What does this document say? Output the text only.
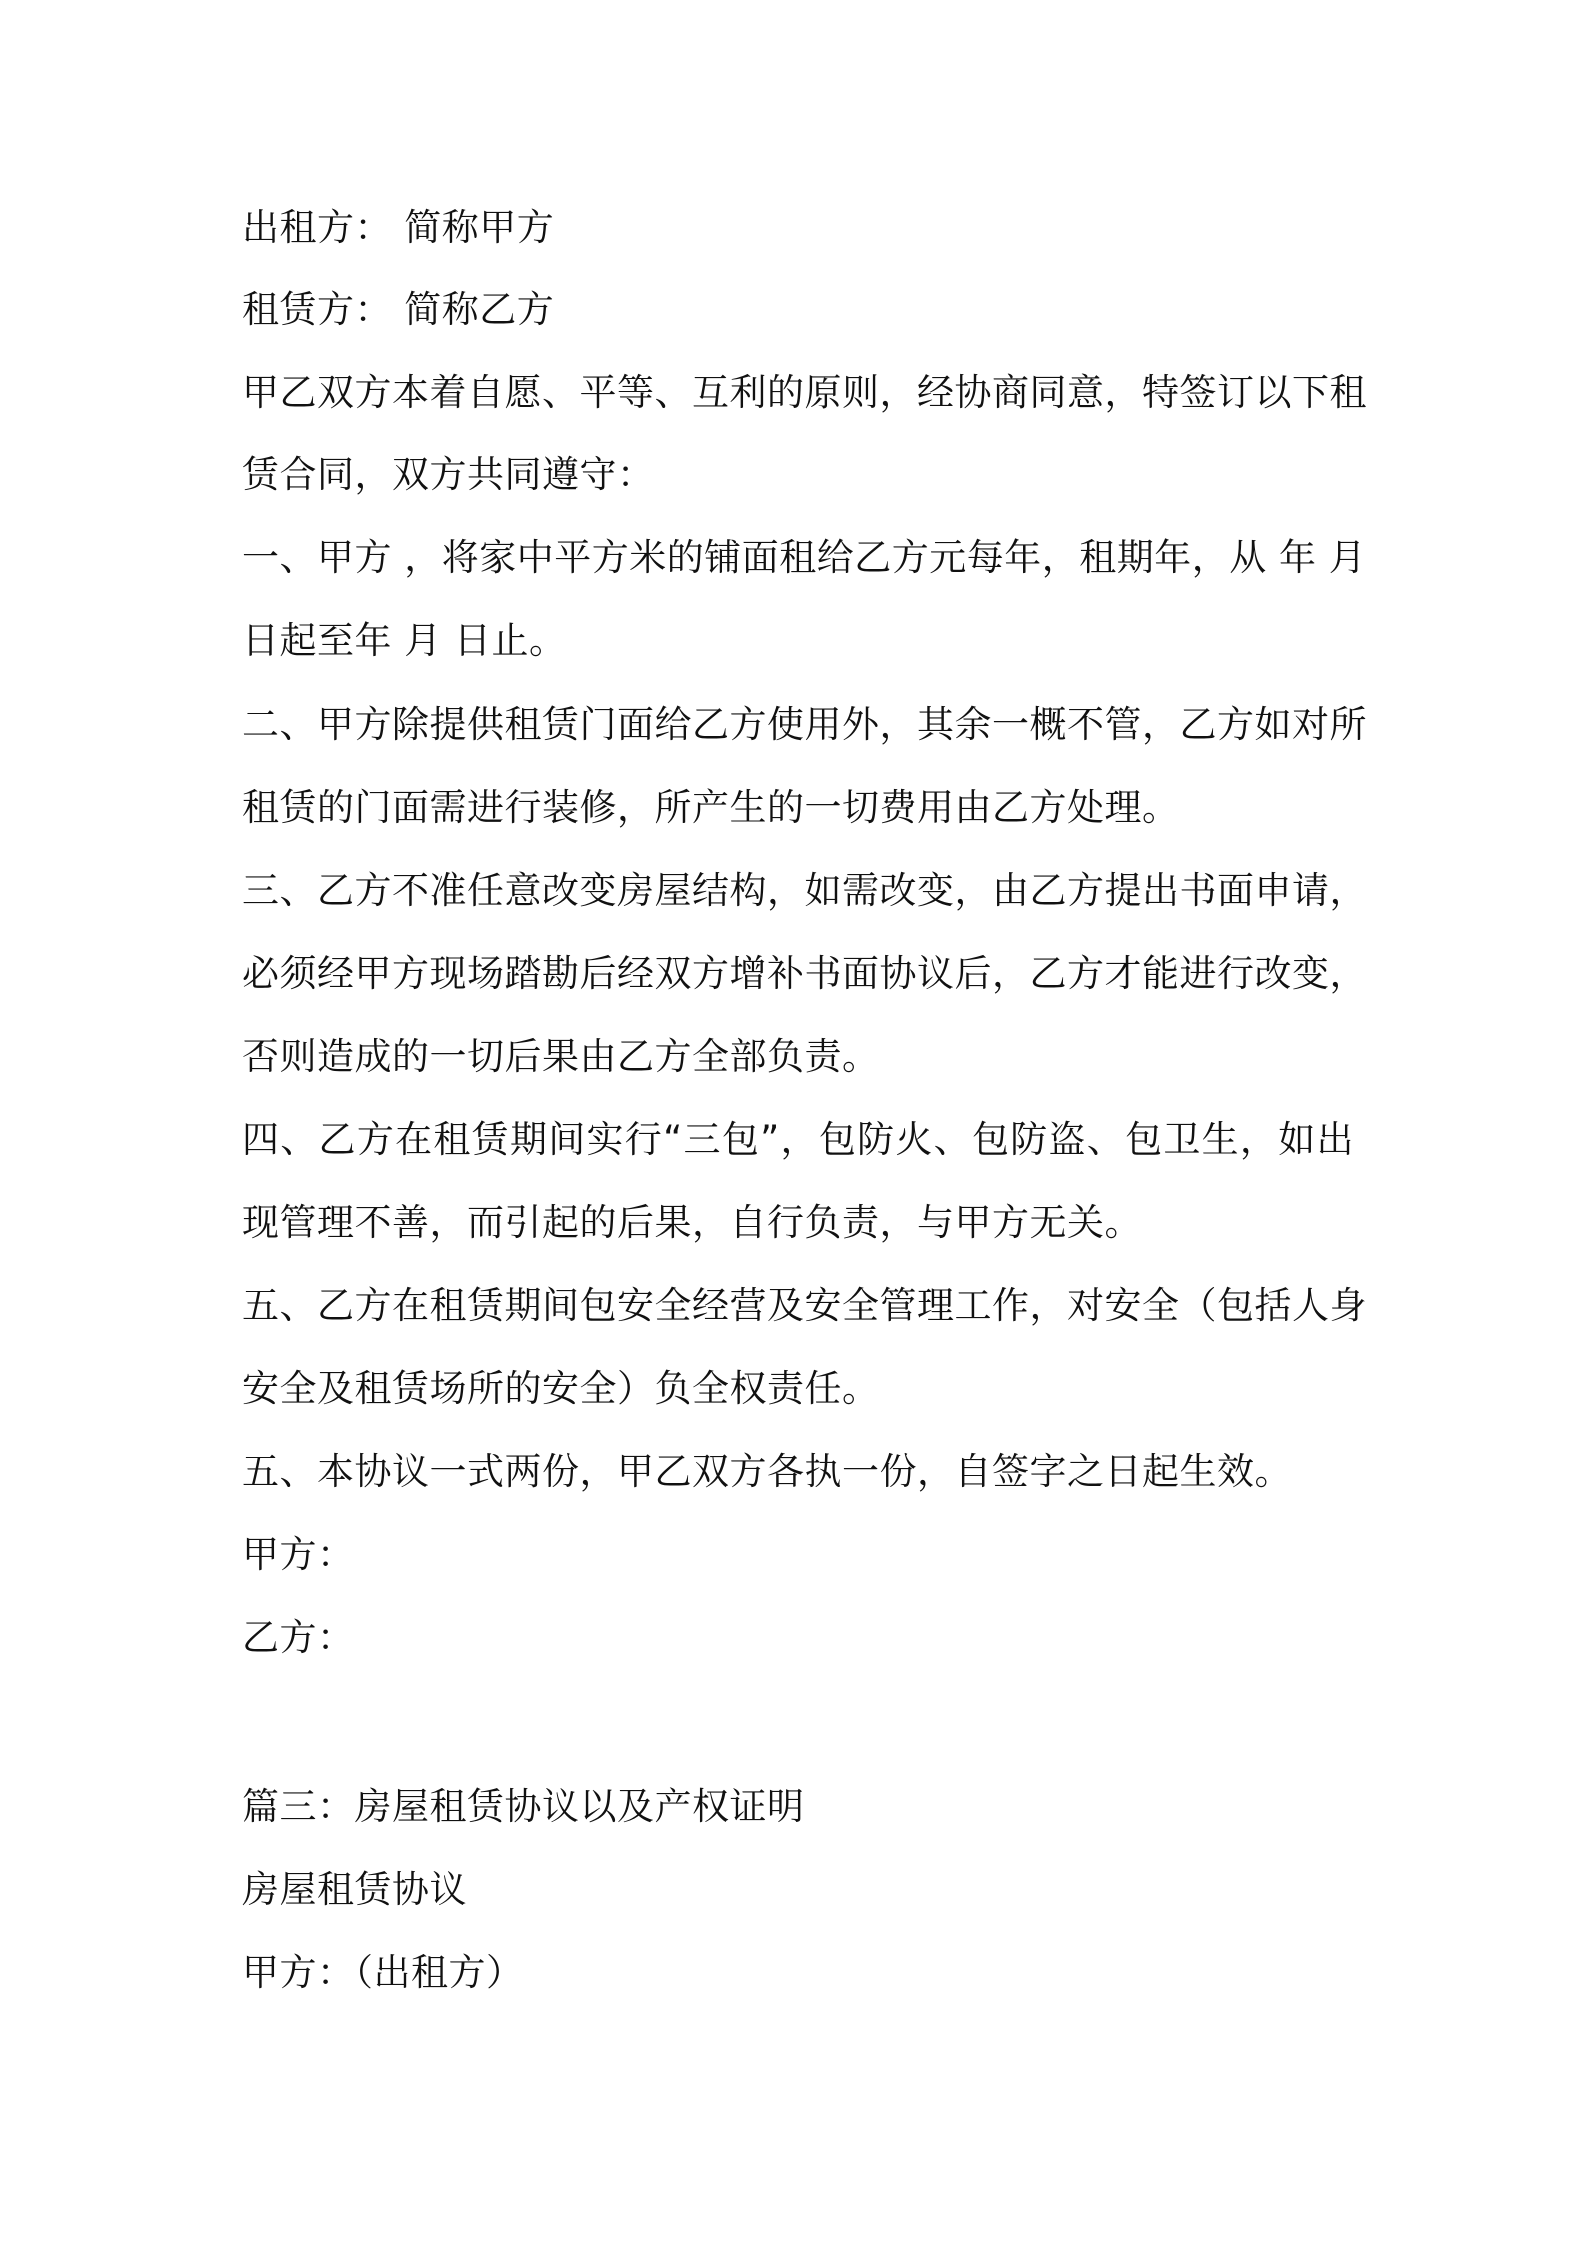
出租方： 简称甲方
租赁方： 简称乙方
甲乙双方本着自愿、平等、互利的原则，经协商同意，特签订以下租
赁合同，双方共同遵守：
一、甲方 ，将家中平方米的铺面租给乙方元每年，租期年，从 年 月
日起至年 月 日止。
二、甲方除提供租赁门面给乙方使用外，其余一概不管，乙方如对所
租赁的门面需进行装修，所产生的一切费用由乙方处理。
三、乙方不准任意改变房屋结构，如需改变，由乙方提出书面申请，
必须经甲方现场踏勘后经双方增补书面协议后，乙方才能进行改变，
否则造成的一切后果由乙方全部负责。
四、乙方在租赁期间实行“三包”，包防火、包防盗、包卫生，如出
现管理不善，而引起的后果，自行负责，与甲方无关。
五、乙方在租赁期间包安全经营及安全管理工作，对安全（包括人身
安全及租赁场所的安全）负全权责任。
五、本协议一式两份，甲乙双方各执一份，自签字之日起生效。
甲方：
乙方：
篇三：房屋租赁协议以及产权证明
房屋租赁协议
甲方：（出租方）
